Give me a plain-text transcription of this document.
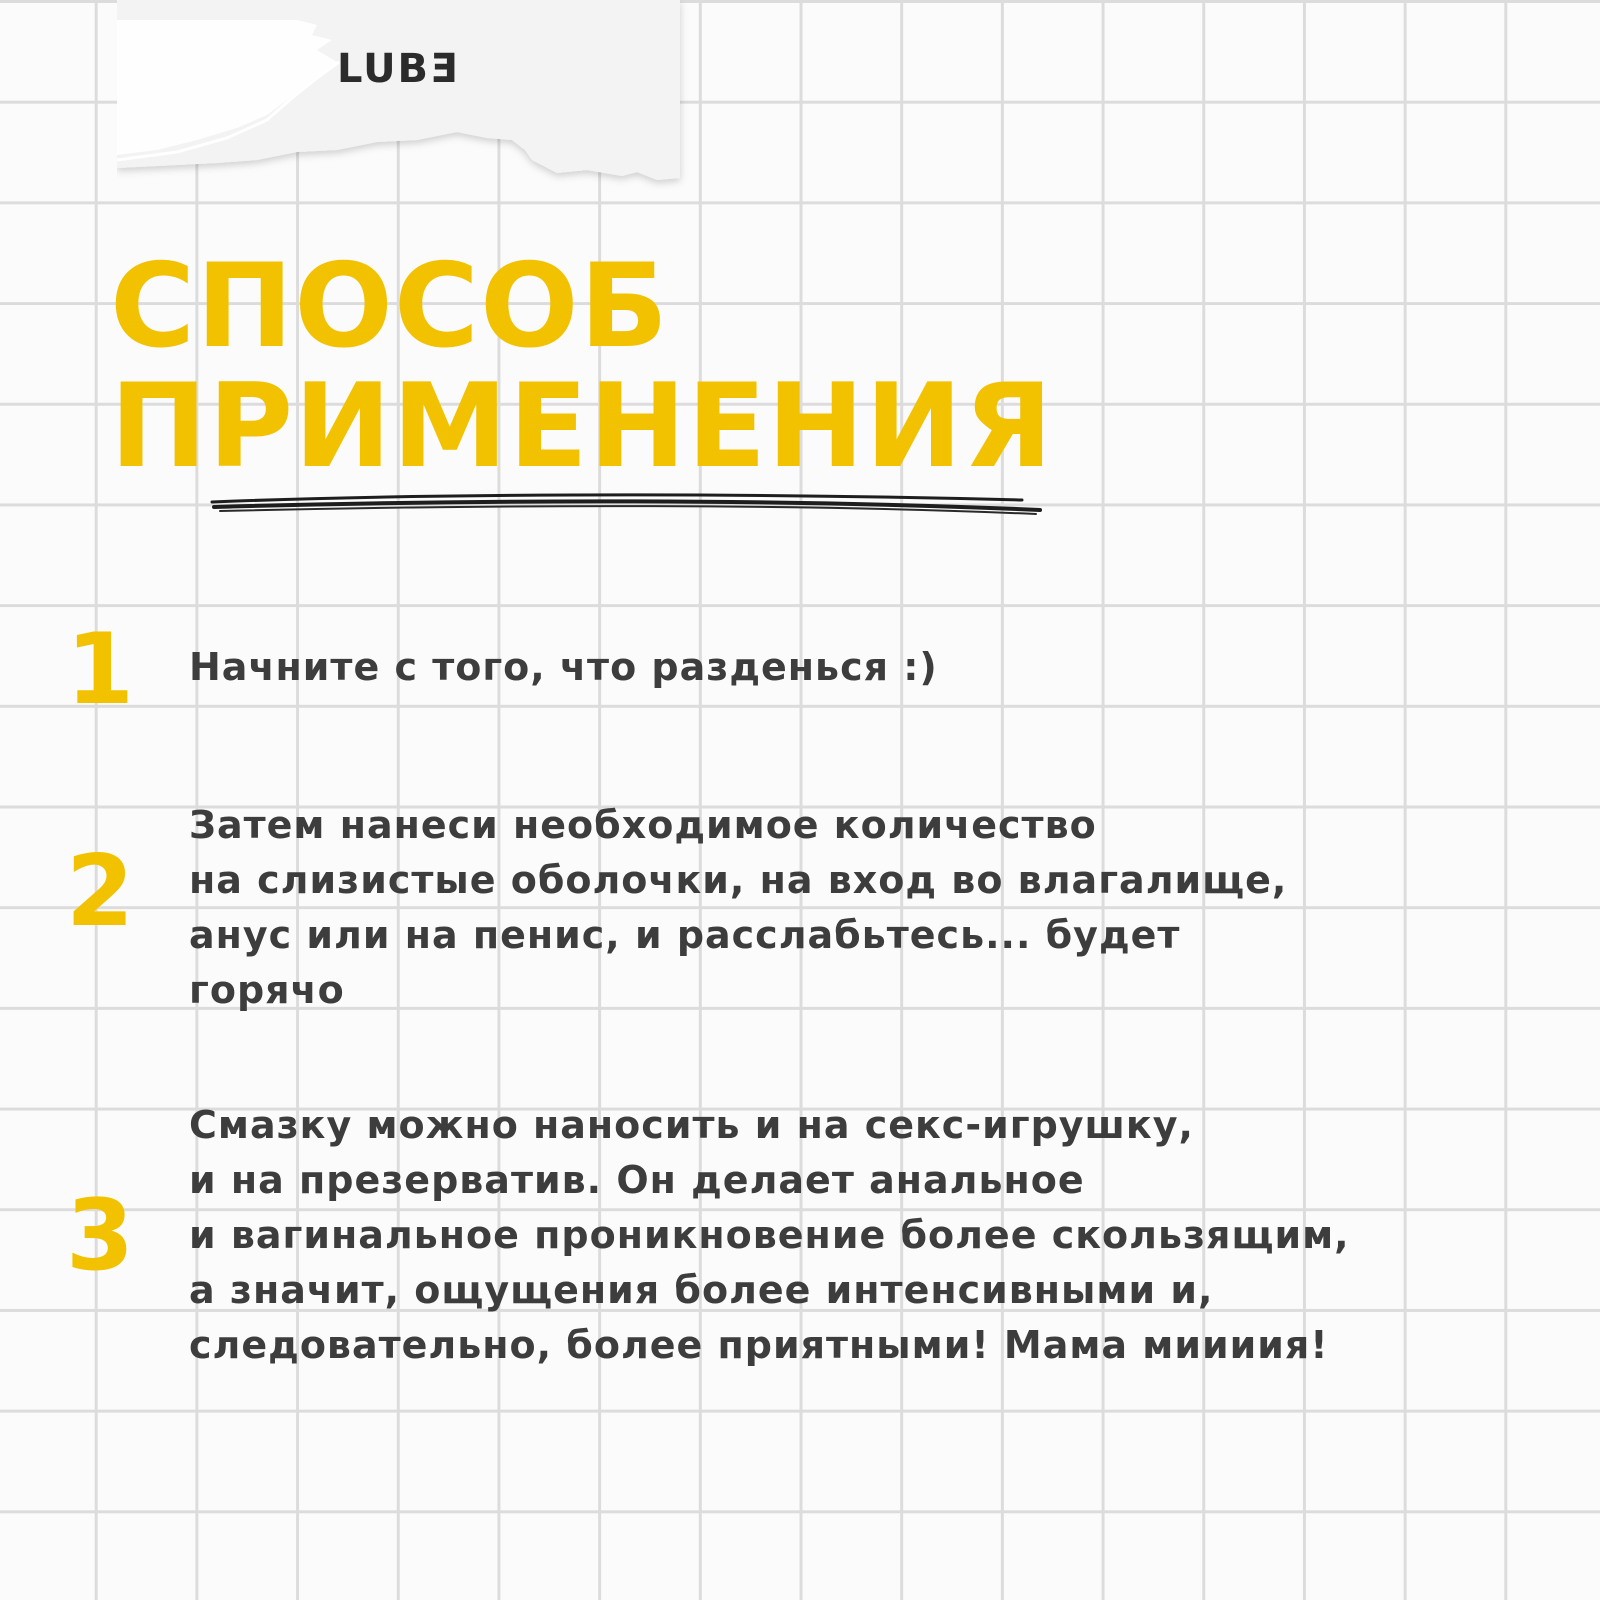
LUBƎ
СПОСОБ
ПРИМЕНЕНИЯ
1 Начните с того, что разденься :)

2

Затем нанеси необходимое количество
на слизистые оболочки, на вход во влагалище,
анус или на пенис, и расслабьтесь... будет
горячо

3

Смазку можно наносить и на секс-игрушку,
и на презерватив. Он делает анальное
и вагинальное проникновение более скользящим,
а значит, ощущения более интенсивными и,
следовательно, более приятными! Мама миииия!
